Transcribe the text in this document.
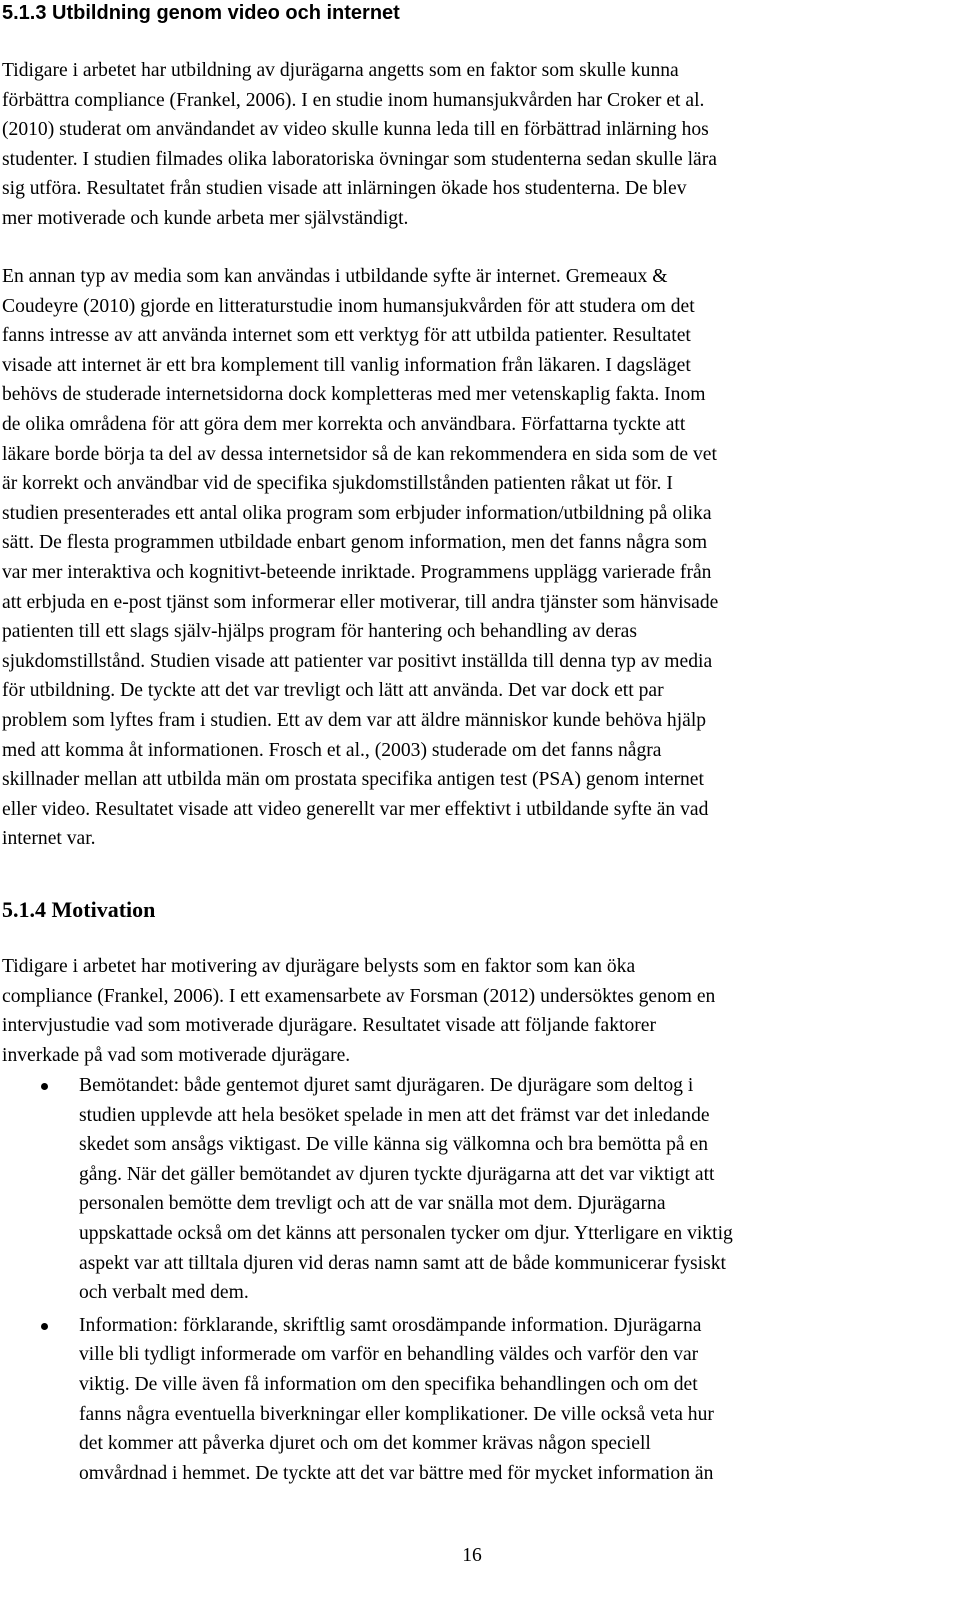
5.1.3 Utbildning genom video och internet

Tidigare i arbetet har utbildning av djurägarna angetts som en faktor som skulle kunna
förbättra compliance (Frankel, 2006). I en studie inom humansjukvården har Croker et al.
(2010) studerat om användandet av video skulle kunna leda till en förbättrad inlärning hos
studenter. I studien filmades olika laboratoriska övningar som studenterna sedan skulle lära
sig utföra. Resultatet från studien visade att inlärningen ökade hos studenterna. De blev
mer motiverade och kunde arbeta mer självständigt.

En annan typ av media som kan användas i utbildande syfte är internet. Gremeaux &
Coudeyre (2010) gjorde en litteraturstudie inom humansjukvården för att studera om det
fanns intresse av att använda internet som ett verktyg för att utbilda patienter. Resultatet
visade att internet är ett bra komplement till vanlig information från läkaren. I dagsläget
behövs de studerade internetsidorna dock kompletteras med mer vetenskaplig fakta. Inom
de olika områdena för att göra dem mer korrekta och användbara. Författarna tyckte att
läkare borde börja ta del av dessa internetsidor så de kan rekommendera en sida som de vet
är korrekt och användbar vid de specifika sjukdomstillstånden patienten råkat ut för. I
studien presenterades ett antal olika program som erbjuder information/utbildning på olika
sätt. De flesta programmen utbildade enbart genom information, men det fanns några som
var mer interaktiva och kognitivt-beteende inriktade. Programmens upplägg varierade från
att erbjuda en e-post tjänst som informerar eller motiverar, till andra tjänster som hänvisade
patienten till ett slags själv-hjälps program för hantering och behandling av deras
sjukdomstillstånd. Studien visade att patienter var positivt inställda till denna typ av media
för utbildning. De tyckte att det var trevligt och lätt att använda. Det var dock ett par
problem som lyftes fram i studien. Ett av dem var att äldre människor kunde behöva hjälp
med att komma åt informationen. Frosch et al., (2003) studerade om det fanns några
skillnader mellan att utbilda män om prostata specifika antigen test (PSA) genom internet
eller video. Resultatet visade att video generellt var mer effektivt i utbildande syfte än vad
internet var.

5.1.4 Motivation

Tidigare i arbetet har motivering av djurägare belysts som en faktor som kan öka
compliance (Frankel, 2006). I ett examensarbete av Forsman (2012) undersöktes genom en
intervjustudie vad som motiverade djurägare. Resultatet visade att följande faktorer
inverkade på vad som motiverade djurägare.

Bemötandet: både gentemot djuret samt djurägaren. De djurägare som deltog i
studien upplevde att hela besöket spelade in men att det främst var det inledande
skedet som ansågs viktigast. De ville känna sig välkomna och bra bemötta på en
gång. När det gäller bemötandet av djuren tyckte djurägarna att det var viktigt att
personalen bemötte dem trevligt och att de var snälla mot dem. Djurägarna
uppskattade också om det känns att personalen tycker om djur. Ytterligare en viktig
aspekt var att tilltala djuren vid deras namn samt att de både kommunicerar fysiskt
och verbalt med dem.
Information: förklarande, skriftlig samt orosdämpande information. Djurägarna
ville bli tydligt informerade om varför en behandling väldes och varför den var
viktig. De ville även få information om den specifika behandlingen och om det
fanns några eventuella biverkningar eller komplikationer. De ville också veta hur
det kommer att påverka djuret och om det kommer krävas någon speciell
omvårdnad i hemmet. De tyckte att det var bättre med för mycket information än
16
